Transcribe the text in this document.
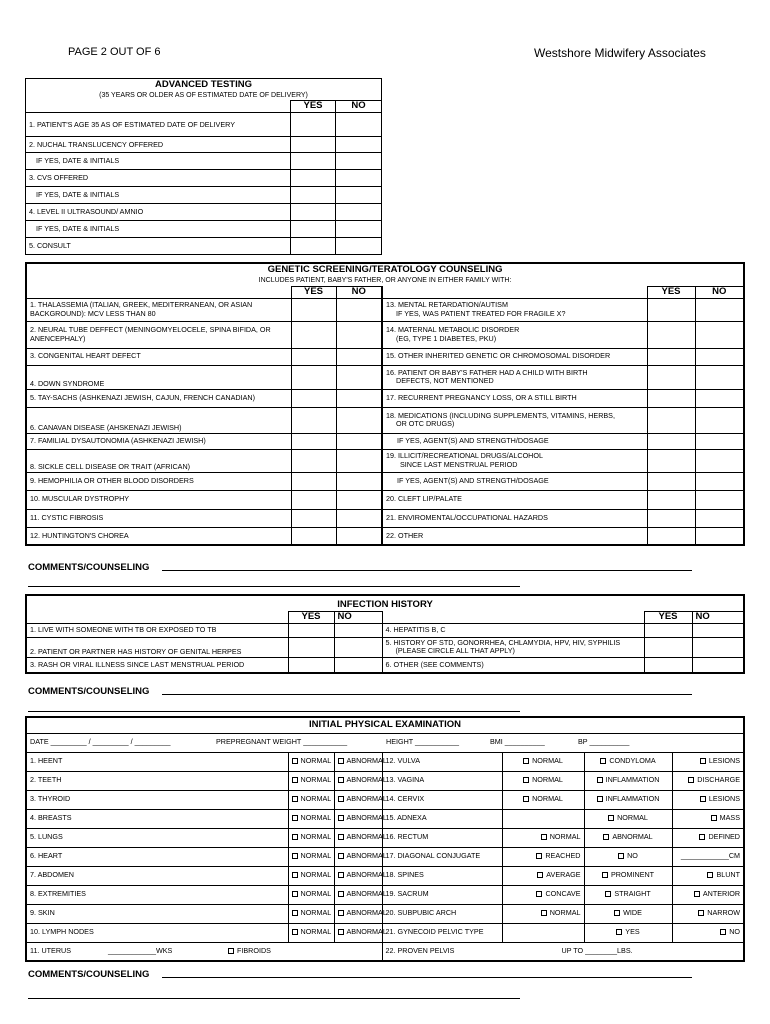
PAGE 2 OUT OF 6	Westshore Midwifery Associates
ADVANCED TESTING		
(35 YEARS OR OLDER AS OF ESTIMATED DATE OF DELIVERY)		
	YES	NO
1. PATIENT'S AGE 35 AS OF ESTIMATED DATE OF DELIVERY		
2. NUCHAL TRANSLUCENCY OFFERED		
IF YES, DATE & INITIALS		
3. CVS OFFERED		
IF YES, DATE & INITIALS		
4. LEVEL II ULTRASOUND/ AMNIO		
IF YES, DATE & INITIALS		
5. CONSULT		
GENETIC SCREENING/TERATOLOGY COUNSELING					
INCLUDES PATIENT, BABY'S FATHER, OR ANYONE IN EITHER FAMILY WITH:					
	YES	NO		YES	NO
1. THALASSEMIA (ITALIAN, GREEK, MEDITERRANEAN, OR ASIAN BACKGROUND): MCV LESS THAN 80			13. MENTAL RETARDATION/AUTISM
IF YES, WAS PATIENT TREATED FOR FRAGILE X?		

2. NEURAL TUBE DEFFECT (MENINGOMYELOCELE, SPINA BIFIDA, OR ANENCEPHALY)			14. MATERNAL METABOLIC DISORDER
(EG, TYPE 1 DIABETES, PKU)		

3. CONGENITAL HEART DEFECT			15. OTHER INHERITED GENETIC OR CHROMOSOMAL DISORDER		
4. DOWN SYNDROME			16. PATIENT OR BABY'S FATHER HAD A CHILD WITH BIRTH
DEFECTS, NOT MENTIONED		

5. TAY-SACHS (ASHKENAZI JEWISH, CAJUN, FRENCH CANADIAN)			17. RECURRENT PREGNANCY LOSS, OR A STILL BIRTH		
6. CANAVAN DISEASE (AHSKENAZI JEWISH)			18. MEDICATIONS (INCLUDING SUPPLEMENTS, VITAMINS, HERBS,
OR OTC DRUGS)		

7. FAMILIAL DYSAUTONOMIA (ASHKENAZI JEWISH)			IF YES, AGENT(S) AND STRENGTH/DOSAGE		
8. SICKLE CELL DISEASE OR TRAIT (AFRICAN)			19. ILLICIT/RECREATIONAL DRUGS/ALCOHOL
SINCE LAST MENSTRUAL PERIOD		

9. HEMOPHILIA OR OTHER BLOOD DISORDERS			IF YES, AGENT(S) AND STRENGTH/DOSAGE		
10. MUSCULAR DYSTROPHY			20. CLEFT LIP/PALATE		
11. CYSTIC FIBROSIS			21. ENVIROMENTAL/OCCUPATIONAL HAZARDS		
12. HUNTINGTON'S CHOREA			22. OTHER		
COMMENTS/COUNSELING
INFECTION HISTORY					
	YES	NO		YES	NO
1. LIVE WITH SOMEONE WITH TB OR EXPOSED TO TB			4. HEPATITIS B, C		
2. PATIENT OR PARTNER HAS HISTORY OF GENITAL HERPES			5. HISTORY OF STD, GONORRHEA, CHLAMYDIA, HPV, HIV, SYPHILIS
(PLEASE CIRCLE ALL THAT APPLY)		

3. RASH OR VIRAL ILLNESS SINCE LAST MENSTRUAL PERIOD			6. OTHER (SEE COMMENTS)		
COMMENTS/COUNSELING
INITIAL PHYSICAL EXAMINATION						
DATE _________ / _________ / _________ PREPREGNANT WEIGHT ___________ HEIGHT ___________ BMI __________ BP __________						
1. HEENT	NORMAL	ABNORMAL	12. VULVA	NORMAL	CONDYLOMA	LESIONS
2. TEETH	NORMAL	ABNORMAL	13. VAGINA	NORMAL	INFLAMMATION	DISCHARGE
3. THYROID	NORMAL	ABNORMAL	14. CERVIX	NORMAL	INFLAMMATION	LESIONS
4. BREASTS	NORMAL	ABNORMAL	15. ADNEXA		NORMAL	MASS
5. LUNGS	NORMAL	ABNORMAL	16. RECTUM	NORMAL	ABNORMAL	DEFINED
6. HEART	NORMAL	ABNORMAL	17. DIAGONAL CONJUGATE	REACHED	NO	____________CM
7. ABDOMEN	NORMAL	ABNORMAL	18. SPINES	AVERAGE	PROMINENT	BLUNT
8. EXTREMITIES	NORMAL	ABNORMAL	19. SACRUM	CONCAVE	STRAIGHT	ANTERIOR
9. SKIN	NORMAL	ABNORMAL	20. SUBPUBIC ARCH	NORMAL	WIDE	NARROW
10. LYMPH NODES	NORMAL	ABNORMAL	21. GYNECOID PELVIC TYPE		YES	NO
11. UTERUS ____________WKS FIBROIDS			22. PROVEN PELVIS UP TO ________LBS.			
COMMENTS/COUNSELING
